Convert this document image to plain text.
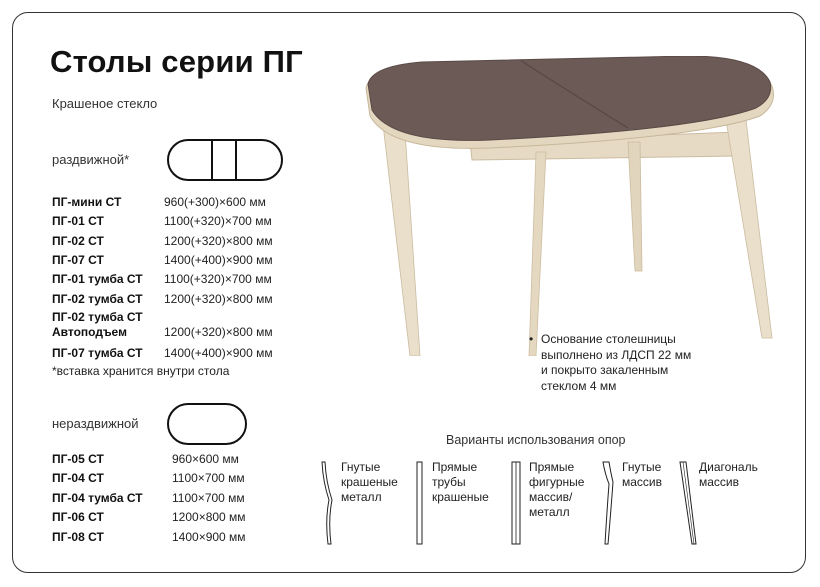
Столы серии ПГ
Крашеное стекло
раздвижной*
ПГ-мини СТ	960(+300)×600 мм
ПГ-01 СТ	1100(+320)×700 мм
ПГ-02 СТ	1200(+320)×800 мм
ПГ-07 СТ	1400(+400)×900 мм
ПГ-01 тумба СТ	1100(+320)×700 мм
ПГ-02 тумба СТ	1200(+320)×800 мм
ПГ-02 тумба СТ
Автоподъем	1200(+320)×800 мм
ПГ-07 тумба СТ	1400(+400)×900 мм
*вставка хранится внутри стола
нераздвижной
ПГ-05 СТ	960×600 мм
ПГ-04 СТ	1100×700 мм
ПГ-04 тумба СТ	1100×700 мм
ПГ-06 СТ	1200×800 мм
ПГ-08 СТ	1400×900 мм
• Основание столешницы
выполнено из ЛДСП 22 мм
и покрыто закаленным
стеклом 4 мм
Варианты использования опор
Гнутые
крашеные
металл
Прямые
трубы
крашеные
Прямые
фигурные
массив/
металл
Гнутые
массив
Диагональ
массив
